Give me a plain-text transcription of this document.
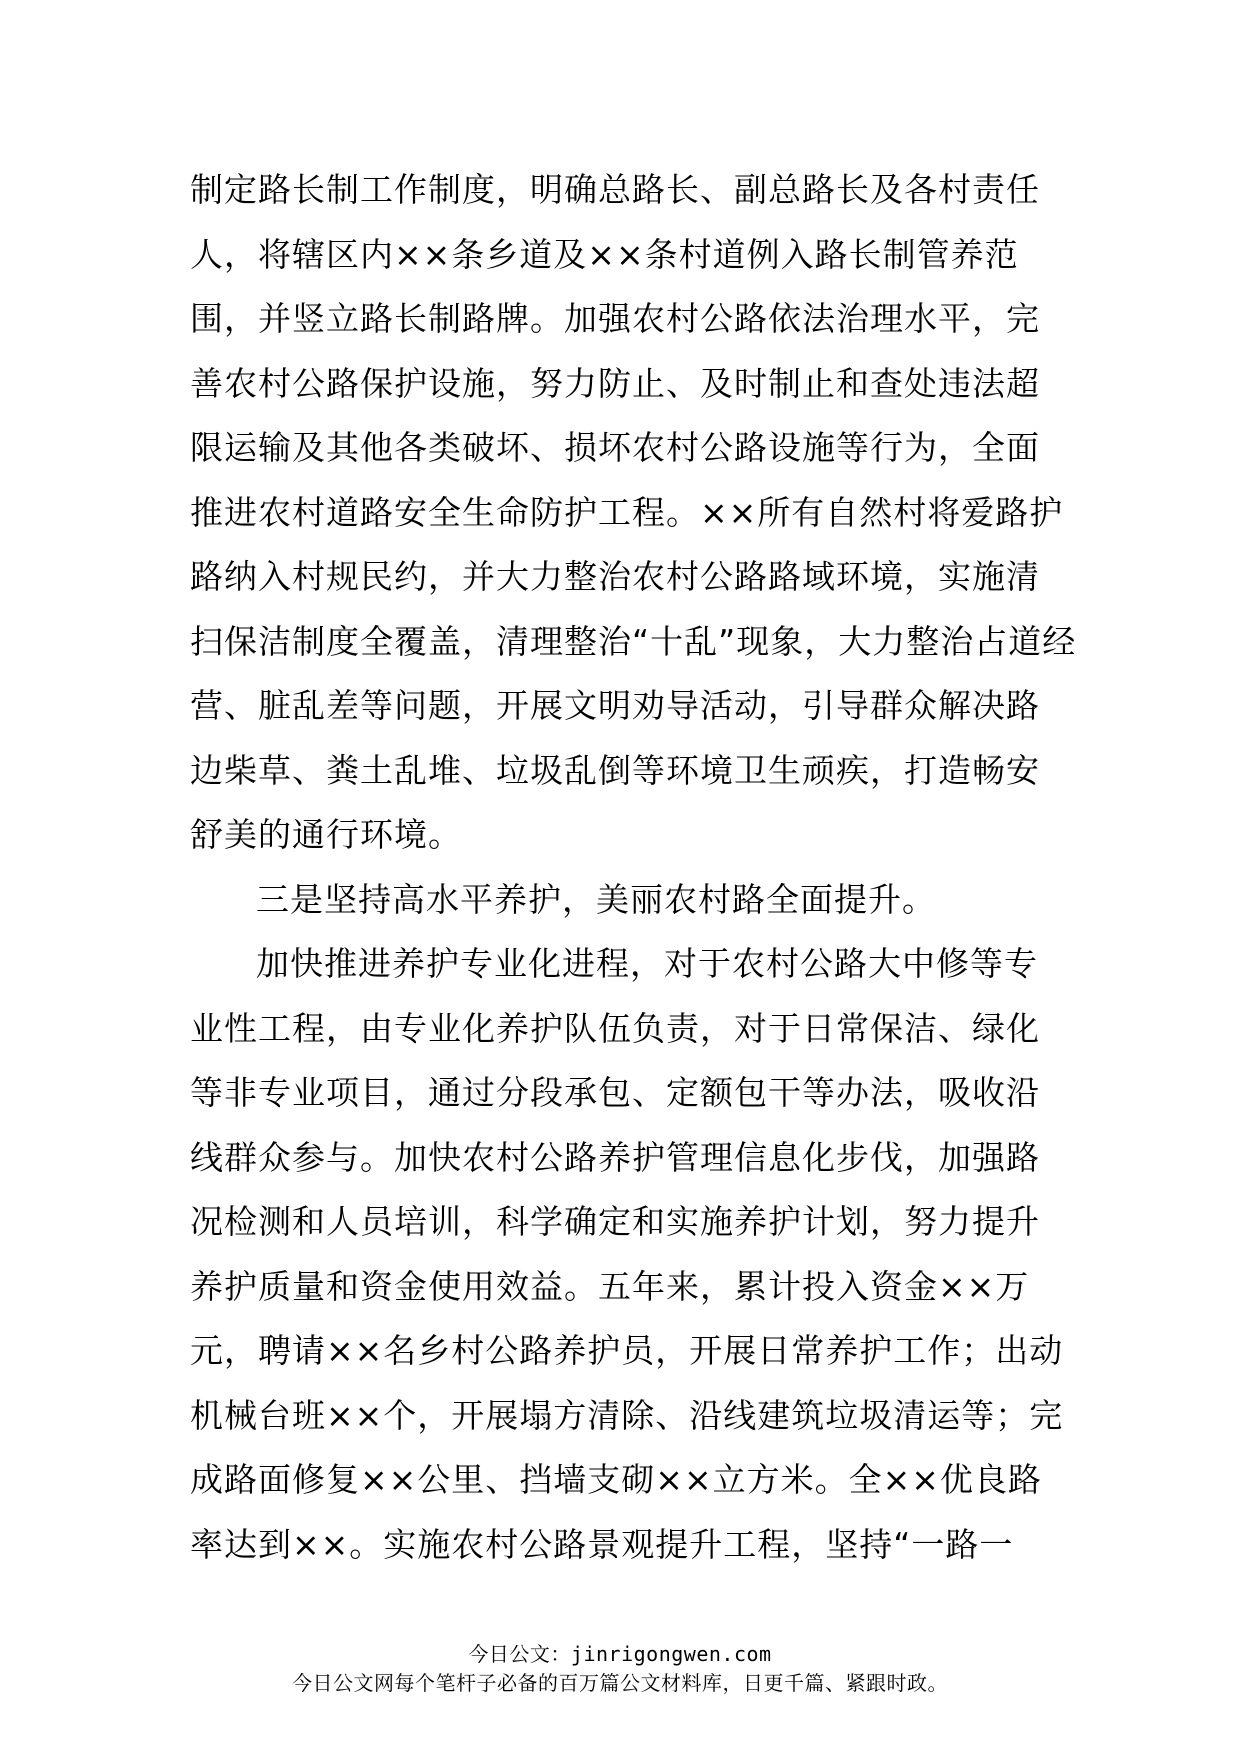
制定路长制工作制度，明确总路长、副总路长及各村责任
人，将辖区内××条乡道及××条村道例入路长制管养范
围，并竖立路长制路牌。加强农村公路依法治理水平，完
善农村公路保护设施，努力防止、及时制止和查处违法超
限运输及其他各类破坏、损坏农村公路设施等行为，全面
推进农村道路安全生命防护工程。××所有自然村将爱路护
路纳入村规民约，并大力整治农村公路路域环境，实施清
扫保洁制度全覆盖，清理整治“十乱”现象，大力整治占道经
营、脏乱差等问题，开展文明劝导活动，引导群众解决路
边柴草、粪土乱堆、垃圾乱倒等环境卫生顽疾，打造畅安
舒美的通行环境。
三是坚持高水平养护，美丽农村路全面提升。
加快推进养护专业化进程，对于农村公路大中修等专
业性工程，由专业化养护队伍负责，对于日常保洁、绿化
等非专业项目，通过分段承包、定额包干等办法，吸收沿
线群众参与。加快农村公路养护管理信息化步伐，加强路
况检测和人员培训，科学确定和实施养护计划，努力提升
养护质量和资金使用效益。五年来，累计投入资金××万
元，聘请××名乡村公路养护员，开展日常养护工作；出动
机械台班××个，开展塌方清除、沿线建筑垃圾清运等；完
成路面修复××公里、挡墙支砌××立方米。全××优良路
率达到××。实施农村公路景观提升工程，坚持“一路一
今日公文：jinrigongwen.com
今日公文网每个笔杆子必备的百万篇公文材料库，日更千篇、紧跟时政。
